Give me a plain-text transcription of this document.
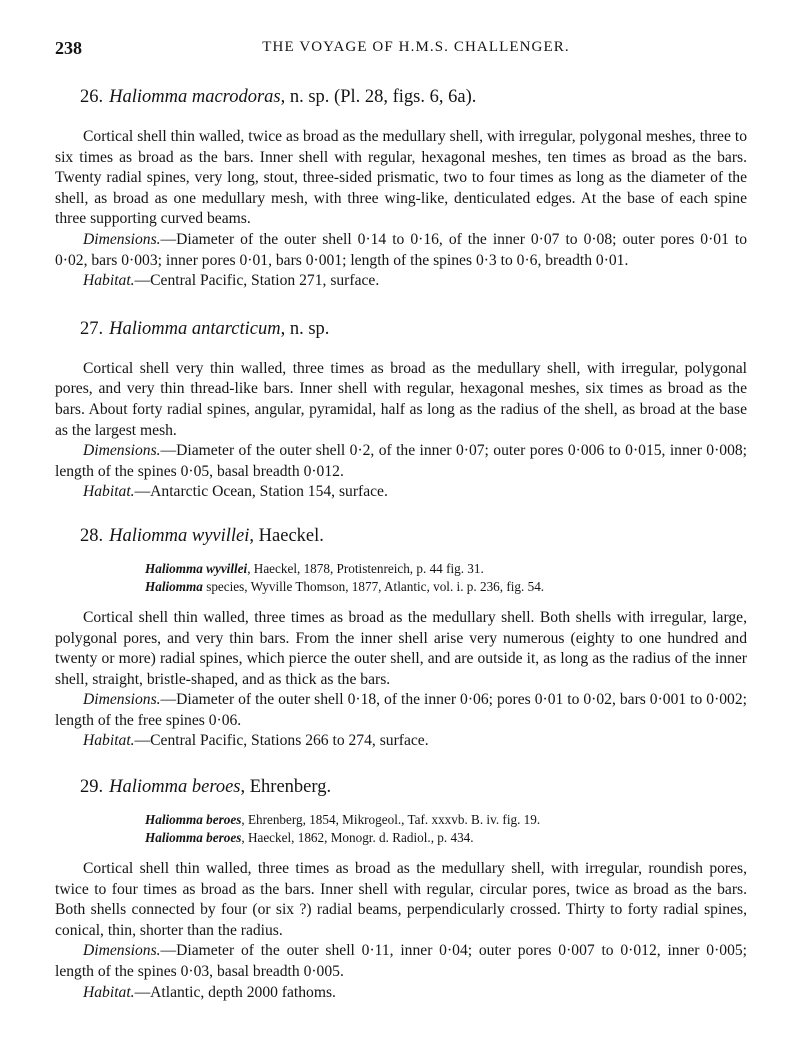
238	THE VOYAGE OF H.M.S. CHALLENGER.
26. Haliomma macrodoras, n. sp. (Pl. 28, figs. 6, 6a).

Cortical shell thin walled, twice as broad as the medullary shell, with irregular, polygonal meshes, three to six times as broad as the bars. Inner shell with regular, hexagonal meshes, ten times as broad as the bars. Twenty radial spines, very long, stout, three-sided prismatic, two to four times as long as the diameter of the shell, as broad as one medullary mesh, with three wing-like, denticulated edges. At the base of each spine three supporting curved beams.

Dimensions.—Diameter of the outer shell 0·14 to 0·16, of the inner 0·07 to 0·08; outer pores 0·01 to 0·02, bars 0·003; inner pores 0·01, bars 0·001; length of the spines 0·3 to 0·6, breadth 0·01.

Habitat.—Central Pacific, Station 271, surface.

27. Haliomma antarcticum, n. sp.

Cortical shell very thin walled, three times as broad as the medullary shell, with irregular, polygonal pores, and very thin thread-like bars. Inner shell with regular, hexagonal meshes, six times as broad as the bars. About forty radial spines, angular, pyramidal, half as long as the radius of the shell, as broad at the base as the largest mesh.

Dimensions.—Diameter of the outer shell 0·2, of the inner 0·07; outer pores 0·006 to 0·015, inner 0·008; length of the spines 0·05, basal breadth 0·012.

Habitat.—Antarctic Ocean, Station 154, surface.

28. Haliomma wyvillei, Haeckel.
Haliomma wyvillei, Haeckel, 1878, Protistenreich, p. 44 fig. 31.
Haliomma species, Wyville Thomson, 1877, Atlantic, vol. i. p. 236, fig. 54.

Cortical shell thin walled, three times as broad as the medullary shell. Both shells with irregular, large, polygonal pores, and very thin bars. From the inner shell arise very numerous (eighty to one hundred and twenty or more) radial spines, which pierce the outer shell, and are outside it, as long as the radius of the inner shell, straight, bristle-shaped, and as thick as the bars.

Dimensions.—Diameter of the outer shell 0·18, of the inner 0·06; pores 0·01 to 0·02, bars 0·001 to 0·002; length of the free spines 0·06.

Habitat.—Central Pacific, Stations 266 to 274, surface.

29. Haliomma beroes, Ehrenberg.
Haliomma beroes, Ehrenberg, 1854, Mikrogeol., Taf. xxxvb. B. iv. fig. 19.
Haliomma beroes, Haeckel, 1862, Monogr. d. Radiol., p. 434.

Cortical shell thin walled, three times as broad as the medullary shell, with irregular, roundish pores, twice to four times as broad as the bars. Inner shell with regular, circular pores, twice as broad as the bars. Both shells connected by four (or six ?) radial beams, perpendicularly crossed. Thirty to forty radial spines, conical, thin, shorter than the radius.

Dimensions.—Diameter of the outer shell 0·11, inner 0·04; outer pores 0·007 to 0·012, inner 0·005; length of the spines 0·03, basal breadth 0·005.

Habitat.—Atlantic, depth 2000 fathoms.
